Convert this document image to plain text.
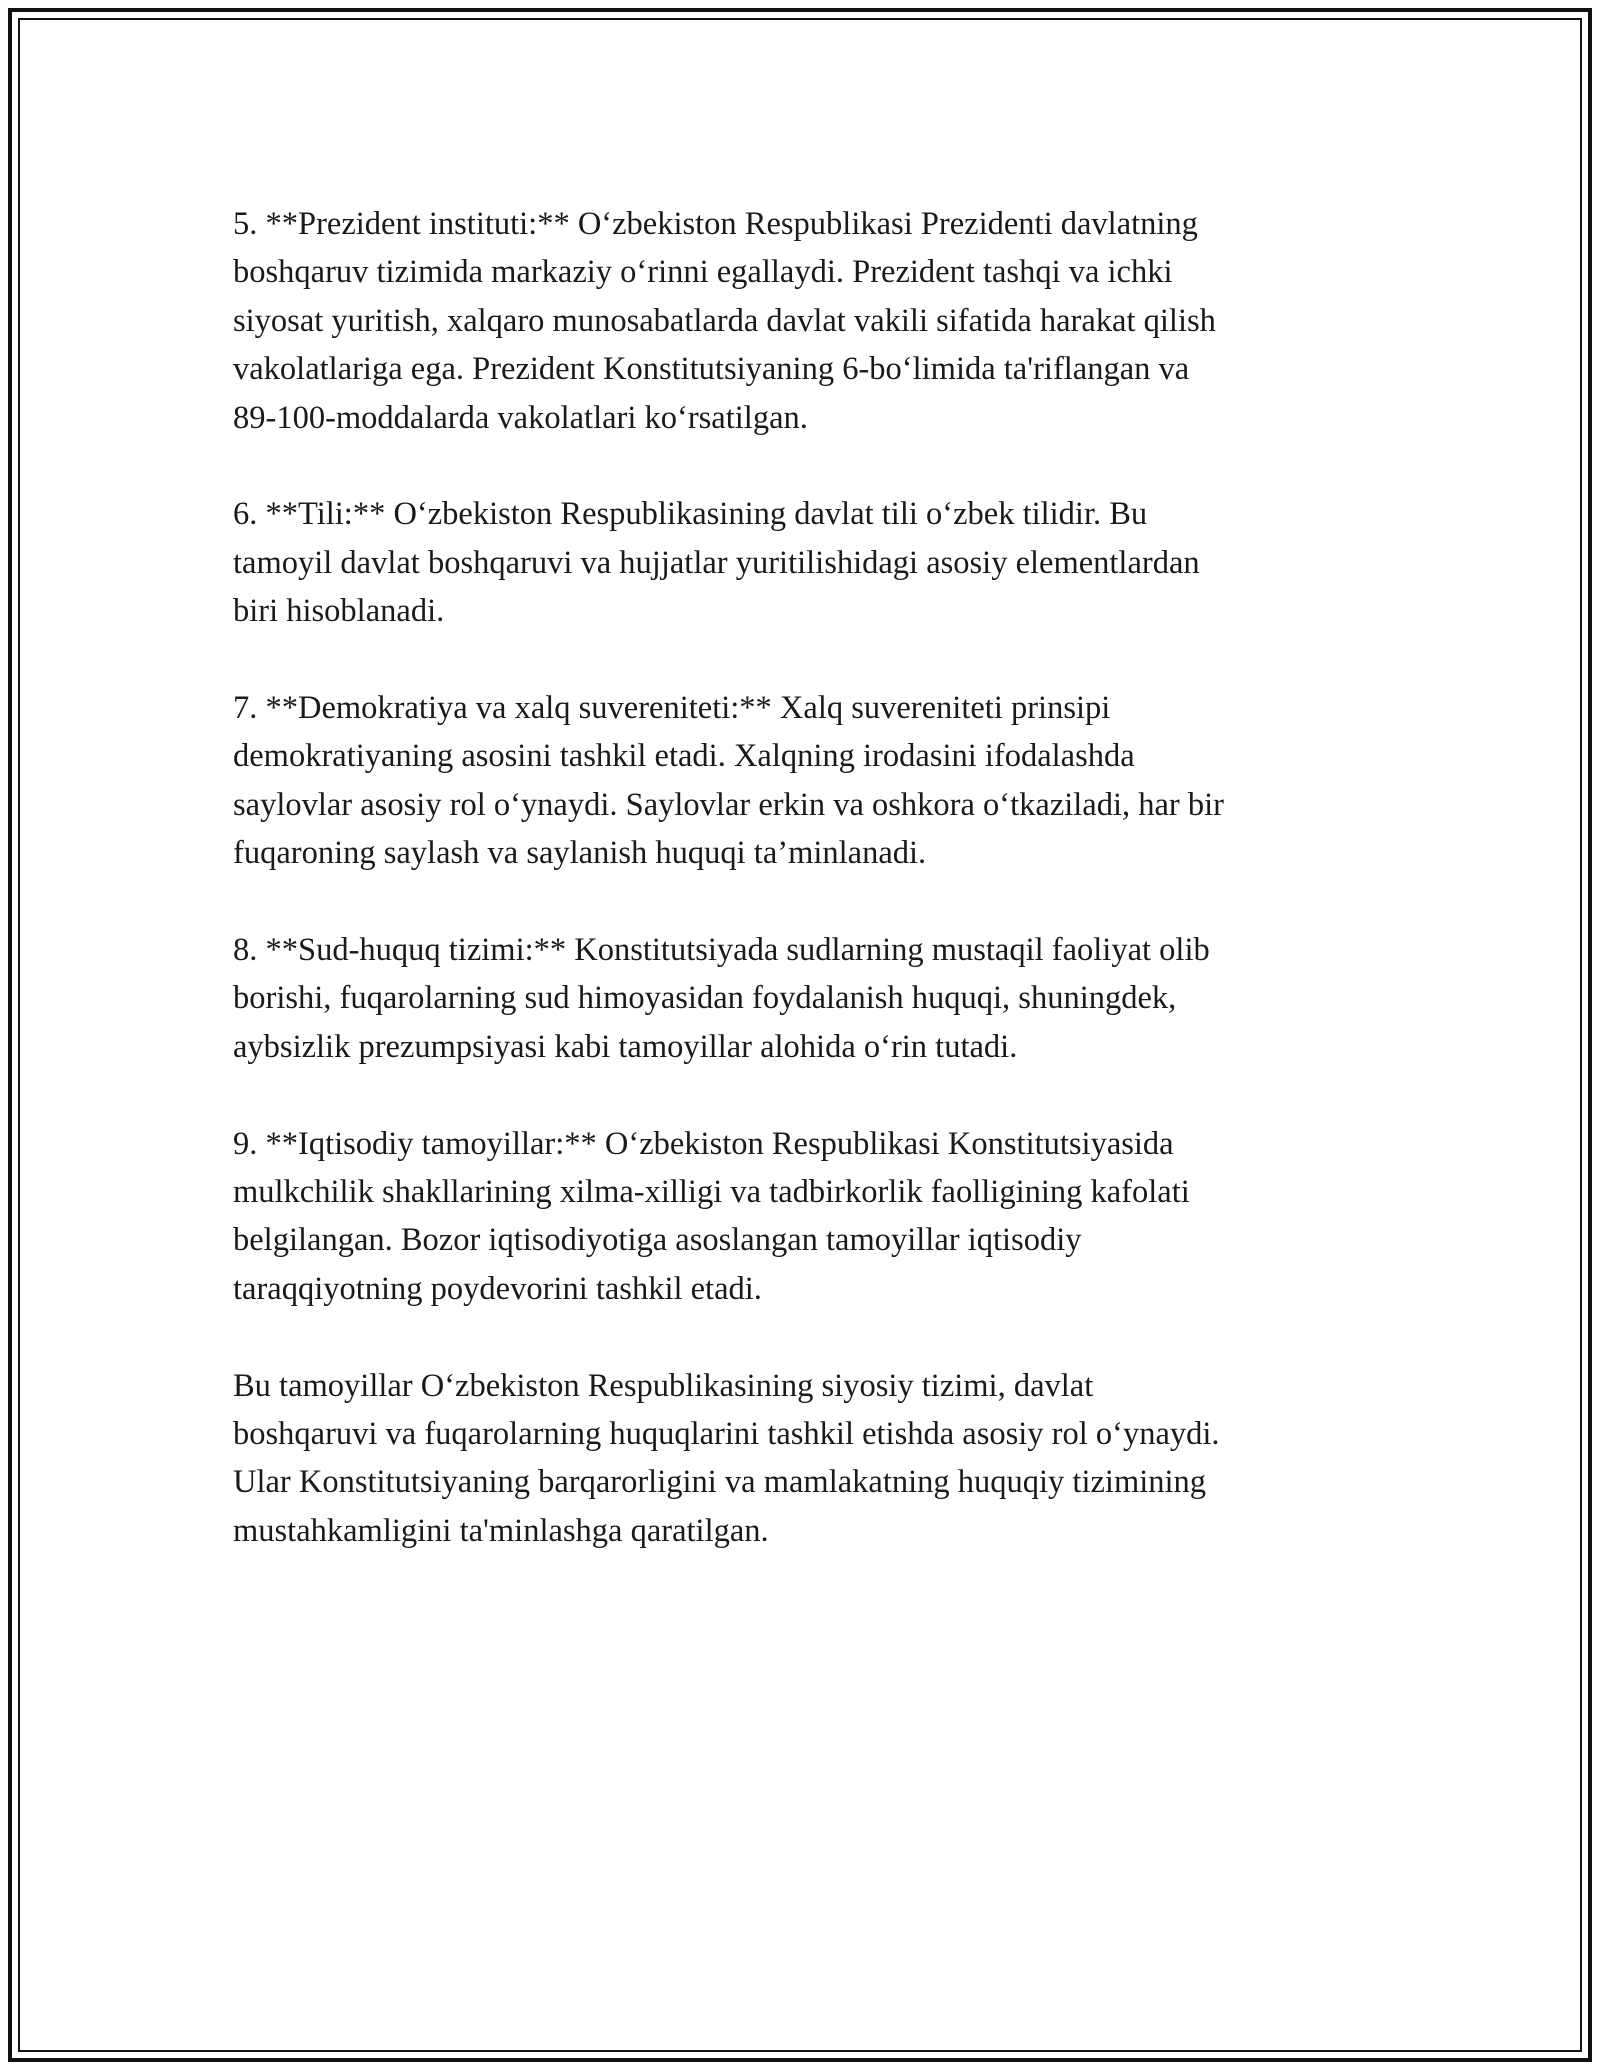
5. **Prezident instituti:** O‘zbekiston Respublikasi Prezidenti davlatning
boshqaruv tizimida markaziy o‘rinni egallaydi. Prezident tashqi va ichki
siyosat yuritish, xalqaro munosabatlarda davlat vakili sifatida harakat qilish
vakolatlariga ega. Prezident Konstitutsiyaning 6-bo‘limida ta'riflangan va
89-100-moddalarda vakolatlari ko‘rsatilgan.

6. **Tili:** O‘zbekiston Respublikasining davlat tili o‘zbek tilidir. Bu
tamoyil davlat boshqaruvi va hujjatlar yuritilishidagi asosiy elementlardan
biri hisoblanadi.

7. **Demokratiya va xalq suvereniteti:** Xalq suvereniteti prinsipi
demokratiyaning asosini tashkil etadi. Xalqning irodasini ifodalashda
saylovlar asosiy rol o‘ynaydi. Saylovlar erkin va oshkora o‘tkaziladi, har bir
fuqaroning saylash va saylanish huquqi ta’minlanadi.

8. **Sud-huquq tizimi:** Konstitutsiyada sudlarning mustaqil faoliyat olib
borishi, fuqarolarning sud himoyasidan foydalanish huquqi, shuningdek,
aybsizlik prezumpsiyasi kabi tamoyillar alohida o‘rin tutadi.

9. **Iqtisodiy tamoyillar:** O‘zbekiston Respublikasi Konstitutsiyasida
mulkchilik shakllarining xilma-xilligi va tadbirkorlik faolligining kafolati
belgilangan. Bozor iqtisodiyotiga asoslangan tamoyillar iqtisodiy
taraqqiyotning poydevorini tashkil etadi.

Bu tamoyillar O‘zbekiston Respublikasining siyosiy tizimi, davlat
boshqaruvi va fuqarolarning huquqlarini tashkil etishda asosiy rol o‘ynaydi.
Ular Konstitutsiyaning barqarorligini va mamlakatning huquqiy tizimining
mustahkamligini ta'minlashga qaratilgan.
